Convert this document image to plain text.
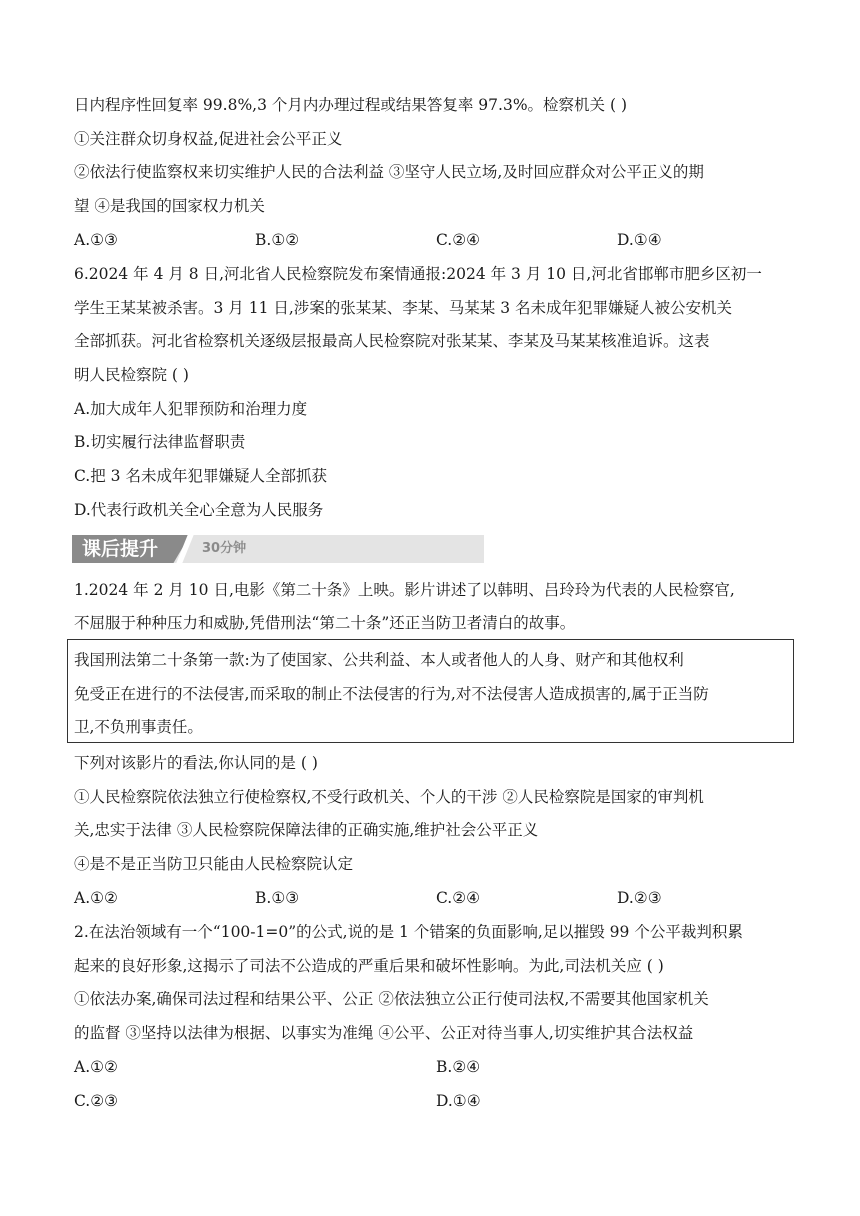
日内程序性回复率 99.8%,3 个月内办理过程或结果答复率 97.3%。检察机关 ( )
①关注群众切身权益,促进社会公平正义
②依法行使监察权来切实维护人民的合法利益 ③坚守人民立场,及时回应群众对公平正义的期
望 ④是我国的国家权力机关
A.①③	B.①②	C.②④	D.①④
6.2024 年 4 月 8 日,河北省人民检察院发布案情通报:2024 年 3 月 10 日,河北省邯郸市肥乡区初一
学生王某某被杀害。3 月 11 日,涉案的张某某、李某、马某某 3 名未成年犯罪嫌疑人被公安机关
全部抓获。河北省检察机关逐级层报最高人民检察院对张某某、李某及马某某核准追诉。这表
明人民检察院 ( )
A.加大成年人犯罪预防和治理力度
B.切实履行法律监督职责
C.把 3 名未成年犯罪嫌疑人全部抓获
D.代表行政机关全心全意为人民服务
课后提升	30分钟
1.2024 年 2 月 10 日,电影《第二十条》上映。影片讲述了以韩明、吕玲玲为代表的人民检察官,
不屈服于种种压力和威胁,凭借刑法“第二十条”还正当防卫者清白的故事。
我国刑法第二十条第一款:为了使国家、公共利益、本人或者他人的人身、财产和其他权利
免受正在进行的不法侵害,而采取的制止不法侵害的行为,对不法侵害人造成损害的,属于正当防
卫,不负刑事责任。
下列对该影片的看法,你认同的是 ( )
①人民检察院依法独立行使检察权,不受行政机关、个人的干涉 ②人民检察院是国家的审判机
关,忠实于法律 ③人民检察院保障法律的正确实施,维护社会公平正义
④是不是正当防卫只能由人民检察院认定
A.①②	B.①③	C.②④	D.②③
2.在法治领域有一个“100-1=0”的公式,说的是 1 个错案的负面影响,足以摧毁 99 个公平裁判积累
起来的良好形象,这揭示了司法不公造成的严重后果和破坏性影响。为此,司法机关应 ( )
①依法办案,确保司法过程和结果公平、公正 ②依法独立公正行使司法权,不需要其他国家机关
的监督 ③坚持以法律为根据、以事实为准绳 ④公平、公正对待当事人,切实维护其合法权益
A.①②	B.②④
C.②③	D.①④
